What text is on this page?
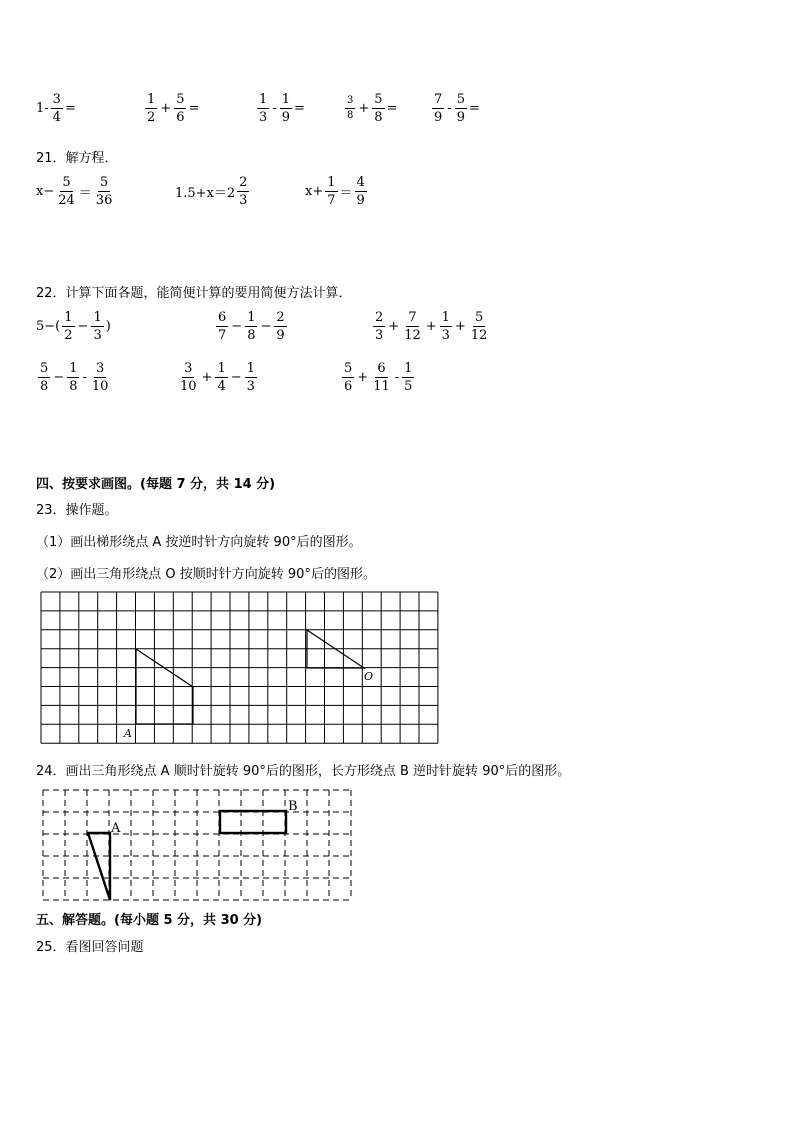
$1- \frac{3}{4}$ =	$\frac{1}{2} + \frac{5}{6}$ =	$\frac{1}{3} - \frac{1}{9}$ =	$\frac{3}{8} + \frac{5}{8}$ =	$\frac{7}{9} - \frac{5}{9}$ =
21．解方程．
$x- \frac{5}{24} = \frac{5}{36}$	$1.5+x=2 \frac{2}{3}$	$x+ \frac{1}{7} = \frac{4}{9}$
22．计算下面各题，能简便计算的要用简便方法计算．
$5-( \frac{1}{2} - \frac{1}{3}$ )	$\frac{6}{7} - \frac{1}{8} - \frac{2}{9}$	$\frac{2}{3} + \frac{7}{12} + \frac{1}{3} + \frac{5}{12}$
$\frac{5}{8} - \frac{1}{8} - \frac{3}{10}$	$\frac{3}{10} + \frac{1}{4} - \frac{1}{3}$	$\frac{5}{6} + \frac{6}{11} - \frac{1}{5}$
四、按要求画图。(每题 7 分，共 14 分)
23．操作题。
（1）画出梯形绕点 A 按逆时针方向旋转 90°后的图形。
（2）画出三角形绕点 O 按顺时针方向旋转 90°后的图形。
A
O
24．画出三角形绕点 A 顺时针旋转 90°后的图形，长方形绕点 B 逆时针旋转 90°后的图形。
A
B
五、解答题。(每小题 5 分，共 30 分)
25．看图回答问题
